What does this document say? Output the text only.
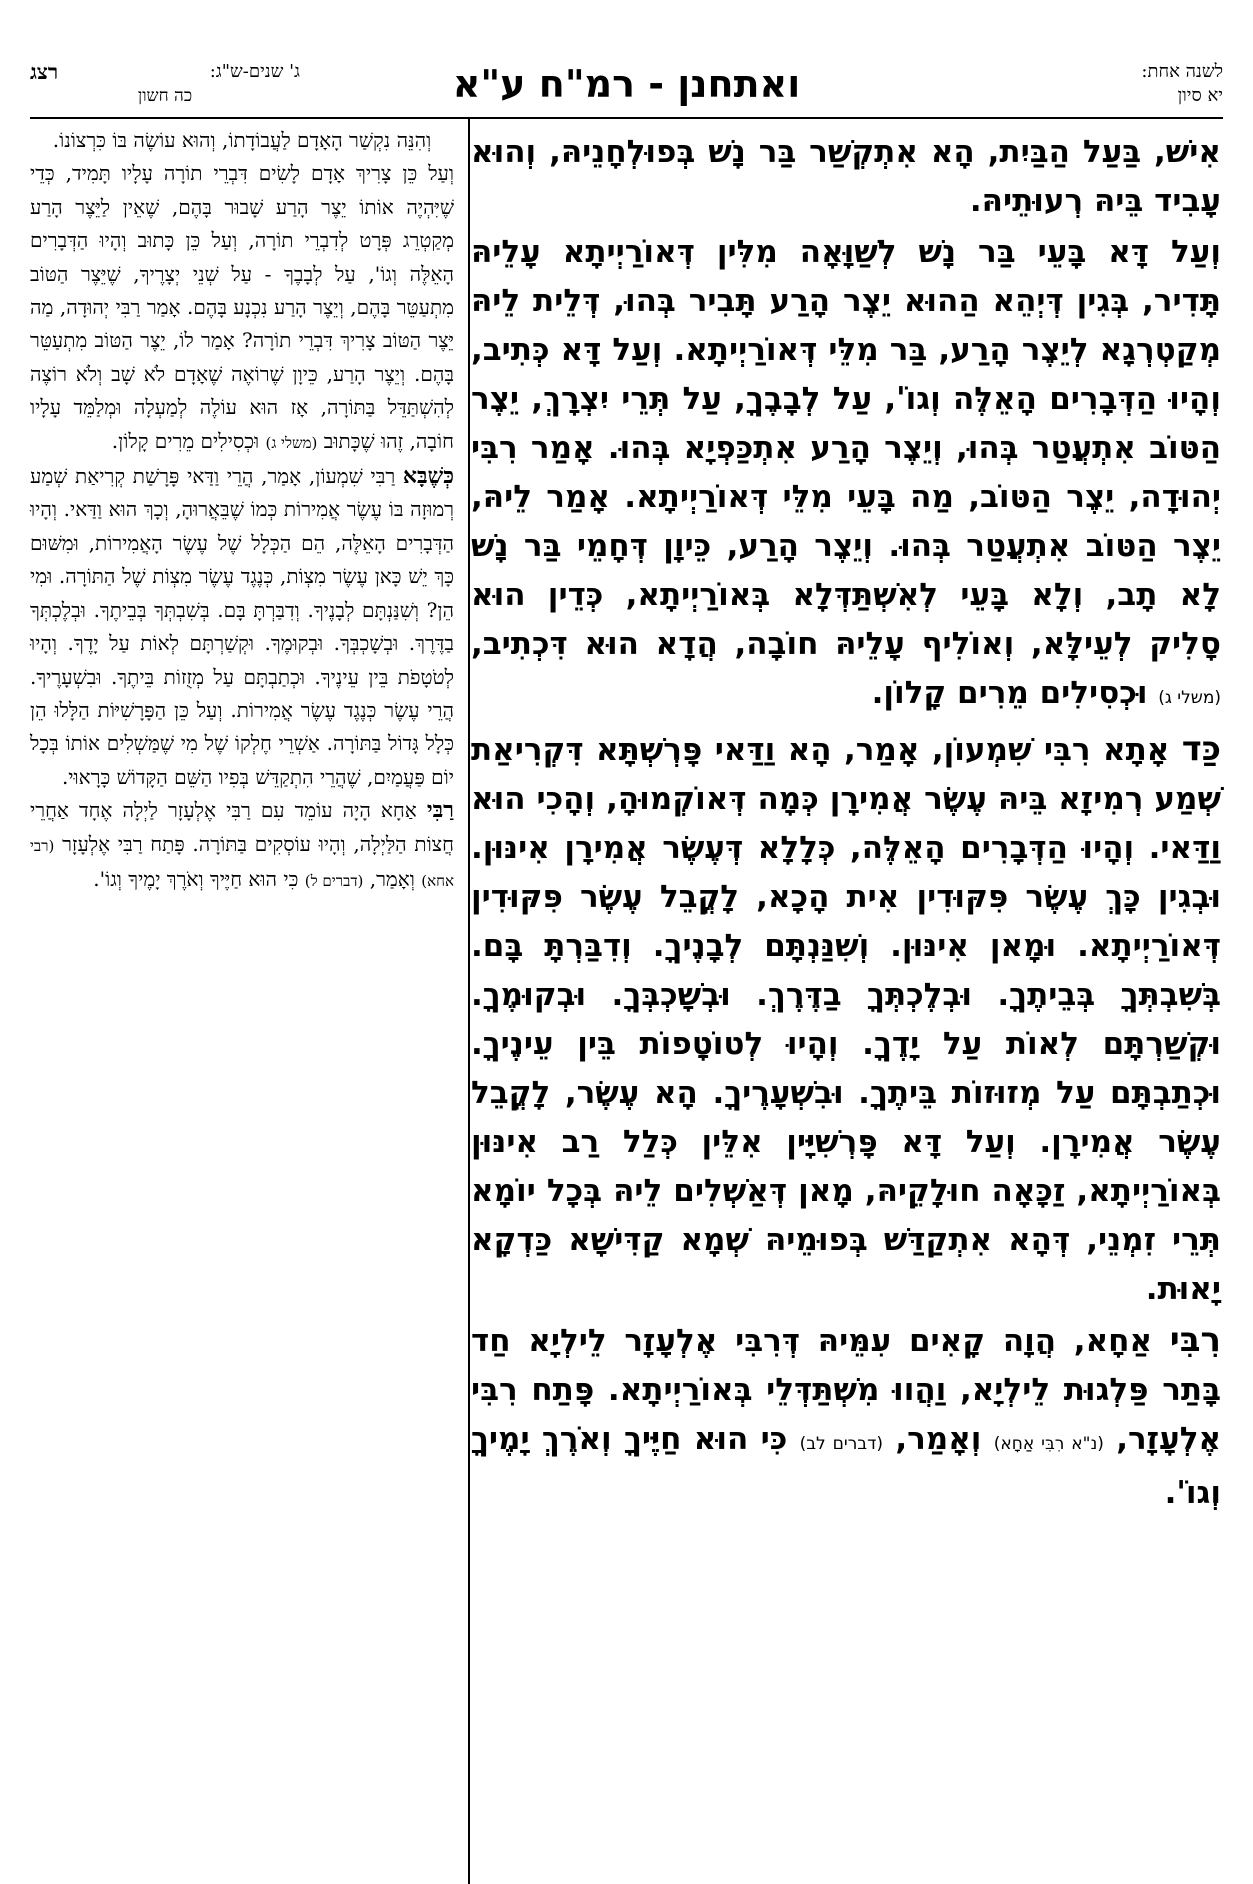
לשנה אחת:
יא סיון
ואתחנן - רמ"ח ע"א
ג' שנים-ש"ג:
רצג
כה חשון

אִישׁ, בַּעַל הַבַּיִת, הָא אִתְקְשַׁר בַּר נָשׁ בְּפוּלְחָנֵיהּ, וְהוּא עָבִיד בֵּיהּ רְעוּתֵיהּ.

וְעַל דָּא בָּעֵי בַּר נָשׁ לְשַׁוָּאָה מִלִּין דְּאוֹרַיְיתָא עָלֵיהּ תָּדִיר, בְּגִין דְּיְהֵא הַהוּא יֵצֶר הָרַע תָּבִיר בְּהוּ, דְּלֵית לֵיהּ מְקַטְרְגָא לְיֵצֶר הָרַע, בַּר מִלֵּי דְּאוֹרַיְיתָא. וְעַל דָּא כְּתִיב, וְהָיוּ הַדְּבָרִים הָאֵלֶּה וְגוֹ', עַל לְבָבֶךָ, עַל תְּרֵי יִצְרָךְ, יֵצֶר הַטּוֹב אִתְעֲטַר בְּהוּ, וְיֵצֶר הָרַע אִתְכַּפְיָא בְּהוּ. אָמַר רִבִּי יְהוּדָה, יֵצֶר הַטּוֹב, מַה בָּעֵי מִלֵּי דְּאוֹרַיְיתָא. אָמַר לֵיהּ, יֵצֶר הַטּוֹב אִתְעֲטַר בְּהוּ. וְיֵצֶר הָרַע, כֵּיוָן דְּחָמֵי בַּר נָשׁ לָא תָב, וְלָא בָּעֵי לְאִשְׁתַּדְּלָא בְּאוֹרַיְיתָא, כְּדֵין הוּא סָלִיק לְעֵילָּא, וְאוֹלִיף עָלֵיהּ חוֹבָה, הֲדָא הוּא דִּכְתִיב, (משלי ג) וּכְסִילִים מֵרִים קָלוֹן.

כַּד אָתָא רִבִּי שִׁמְעוֹן, אָמַר, הָא וַדַּאי פָּרְשְׁתָּא דִּקְרִיאַת שְׁמַע רְמִיזָא בֵּיהּ עֶשֶׂר אֲמִירָן כְּמָה דְּאוֹקְמוּהָ, וְהָכִי הוּא וַדַּאי. וְהָיוּ הַדְּבָרִים הָאֵלֶּה, כְּלָלָא דְּעֶשֶׂר אֲמִירָן אִינּוּן. וּבְגִין כָּךְ עֶשֶׂר פִּקּוּדִין אִית הָכָא, לָקֳבֵל עֶשֶׂר פִּקּוּדִין דְּאוֹרַיְיתָא. וּמָאן אִינּוּן. וְשִׁנַּנְתָּם לְבָנֶיךָ. וְדִבַּרְתָּ בָּם. בְּשִׁבְתְּךָ בְּבֵיתֶךָ. וּבְלֶכְתְּךָ בַדֶּרֶךְ. וּבְשָׁכְבְּךָ. וּבְקוּמֶךָ. וּקְשַׁרְתָּם לְאוֹת עַל יָדֶךָ. וְהָיוּ לְטוֹטָפוֹת בֵּין עֵינֶיךָ. וּכְתַבְתָּם עַל מְזוּזוֹת בֵּיתֶךָ. וּבִשְׁעָרֶיךָ. הָא עֶשֶׂר, לָקֳבֵל עֶשֶׂר אֲמִירָן. וְעַל דָּא פָּרְשִׁיָּין אִלֵּין כְּלַל רַב אִינּוּן בְּאוֹרַיְיתָא, זַכָּאָה חוּלָקֵיהּ, מָאן דְּאַשְׁלִים לֵיהּ בְּכָל יוֹמָא תְּרֵי זִמְנֵי, דְּהָא אִתְקַדַּשׁ בְּפוּמֵיהּ שְׁמָא קַדִּישָׁא כַּדְקָא יָאוּת.

רִבִּי אַחָא, הֲוָה קָאִים עִמֵּיהּ דְּרִבִּי אֶלְעָזָר לֵילְיָא חַד בָּתַר פַּלְגוּת לֵילְיָא, וַהֲווּ מִשְׁתַּדְּלֵי בְּאוֹרַיְיתָא. פָּתַח רִבִּי אֶלְעָזָר, (נ"א רִבִּי אַחָא) וְאָמַר, (דברים לב) כִּי הוּא חַיֶּיךָ וְאֹרֶךְ יָמֶיךָ וְגוֹ'.

וְהִנֵּה נִקְשַׁר הָאָדָם לַעֲבוֹדָתוֹ, וְהוּא עוֹשֶׂה בּוֹ כִּרְצוֹנוֹ.

וְעַל כֵּן צָרִיךְ אָדָם לָשִׂים דִּבְרֵי תוֹרָה עָלָיו תָּמִיד, כְּדֵי שֶׁיִּהְיֶה אוֹתוֹ יֵצֶר הָרַע שָׁבוּר בָּהֶם, שֶׁאֵין לַיֵּצֶר הָרַע מְקַטְרֵג פְּרָט לְדִבְרֵי תוֹרָה, וְעַל כֵּן כָּתוּב וְהָיוּ הַדְּבָרִים הָאֵלֶּה וְגוֹ', עַל לְבָבֶךָ - עַל שְׁנֵי יְצָרֶיךָ, שֶׁיֵּצֶר הַטּוֹב מִתְעַטֵּר בָּהֶם, וְיֵצֶר הָרַע נִכְנָע בָּהֶם. אָמַר רַבִּי יְהוּדָה, מַה יֵּצֶר הַטּוֹב צָרִיךְ דִּבְרֵי תוֹרָה? אָמַר לוֹ, יֵצֶר הַטּוֹב מִתְעַטֵּר בָּהֶם. וְיֵצֶר הָרַע, כֵּיוָן שֶׁרוֹאֶה שֶׁאָדָם לֹא שָׁב וְלֹא רוֹצֶה לְהִשְׁתַּדֵּל בַּתּוֹרָה, אָז הוּא עוֹלֶה לְמַעְלָה וּמְלַמֵּד עָלָיו חוֹבָה, זֶהוּ שֶׁכָּתוּב (משלי ג) וּכְסִילִים מֵרִים קָלוֹן.

כְּשֶׁבָּא רַבִּי שִׁמְעוֹן, אָמַר, הֲרֵי וַדַּאי פָּרָשַׁת קְרִיאַת שְׁמַע רְמוּזָה בּוֹ עֶשֶׂר אֲמִירוֹת כְּמוֹ שֶׁבֵּאֲרוּהָ, וְכָךְ הוּא וַדַּאי. וְהָיוּ הַדְּבָרִים הָאֵלֶּה, הֵם הַכְּלָל שֶׁל עֶשֶׂר הָאֲמִירוֹת, וּמִשּׁוּם כָּךְ יֵשׁ כָּאן עֶשֶׂר מִצְוֹת, כְּנֶגֶד עֶשֶׂר מִצְוֹת שֶׁל הַתּוֹרָה. וּמִי הֵן? וְשִׁנַּנְתָּם לְבָנֶיךָ. וְדִבַּרְתָּ בָּם. בְּשִׁבְתְּךָ בְּבֵיתֶךָ. וּבְלֶכְתְּךָ בַדֶּרֶךְ. וּבְשָׁכְבְּךָ. וּבְקוּמֶךָ. וּקְשַׁרְתָּם לְאוֹת עַל יָדֶךָ. וְהָיוּ לְטֹטָפֹת בֵּין עֵינֶיךָ. וּכְתַבְתָּם עַל מְזֻזוֹת בֵּיתֶךָ. וּבִשְׁעָרֶיךָ. הֲרֵי עֶשֶׂר כְּנֶגֶד עֶשֶׂר אֲמִירוֹת. וְעַל כֵּן הַפָּרָשִׁיּוֹת הַלָּלוּ הֵן כְּלָל גָּדוֹל בַּתּוֹרָה. אַשְׁרֵי חֶלְקוֹ שֶׁל מִי שֶׁמַּשְׁלִים אוֹתוֹ בְּכָל יוֹם פַּעֲמַיִם, שֶׁהֲרֵי הִתְקַדֵּשׁ בְּפִיו הַשֵּׁם הַקָּדוֹשׁ כָּרָאוּי.

רַבִּי אַחָא הָיָה עוֹמֵד עִם רַבִּי אֶלְעָזָר לַיְלָה אֶחָד אַחֲרֵי חֲצוֹת הַלַּיְלָה, וְהָיוּ עוֹסְקִים בַּתּוֹרָה. פָּתַח רַבִּי אֶלְעָזָר (רבי אחא) וְאָמַר, (דברים ל) כִּי הוּא חַיֶּיךָ וְאֹרֶךְ יָמֶיךָ וְגוֹ'.
